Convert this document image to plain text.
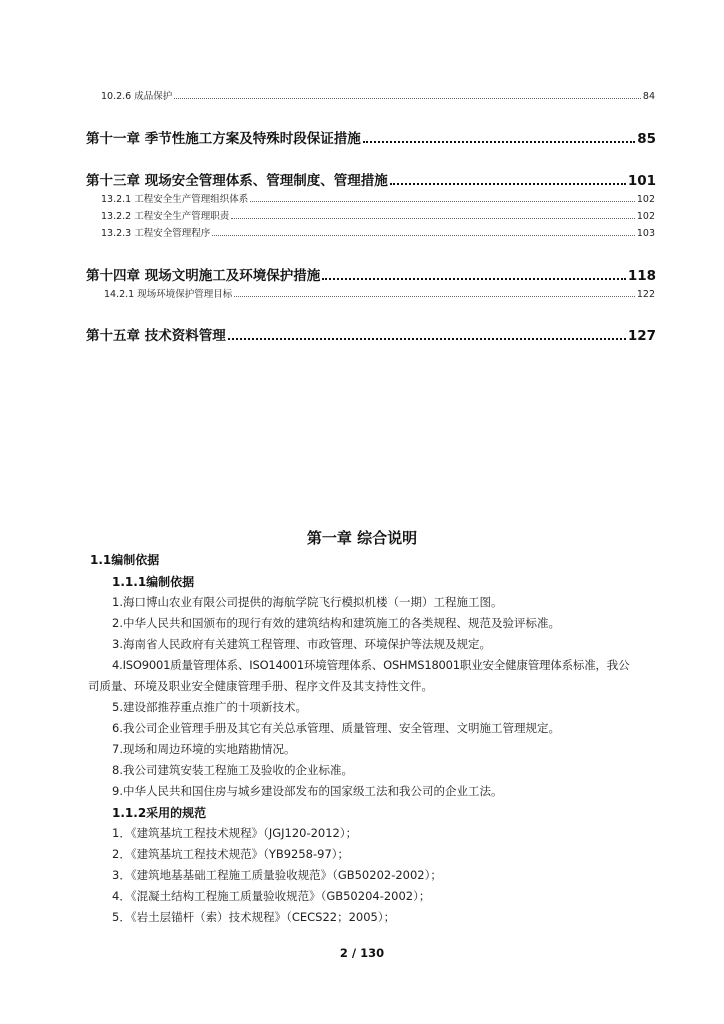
10.2.6 成品保护	84
第十一章 季节性施工方案及特殊时段保证措施	85
第十三章 现场安全管理体系、管理制度、管理措施	101
13.2.1 工程安全生产管理组织体系	102
13.2.2 工程安全生产管理职责	102
13.2.3 工程安全管理程序	103
第十四章 现场文明施工及环境保护措施	118
14.2.1 现场环境保护管理目标	122
第十五章 技术资料管理	127
第一章 综合说明
1.1编制依据
1.1.1编制依据
1.海口博山农业有限公司提供的海航学院飞行模拟机楼（一期）工程施工图。
2.中华人民共和国颁布的现行有效的建筑结构和建筑施工的各类规程、规范及验评标准。
3.海南省人民政府有关建筑工程管理、市政管理、环境保护等法规及规定。
4.ISO9001质量管理体系、ISO14001环境管理体系、OSHMS18001职业安全健康管理体系标准，我公
司质量、环境及职业安全健康管理手册、程序文件及其支持性文件。
5.建设部推荐重点推广的十项新技术。
6.我公司企业管理手册及其它有关总承管理、质量管理、安全管理、文明施工管理规定。
7.现场和周边环境的实地踏勘情况。
8.我公司建筑安装工程施工及验收的企业标准。
9.中华人民共和国住房与城乡建设部发布的国家级工法和我公司的企业工法。
1.1.2采用的规范
1．《建筑基坑工程技术规程》（JGJ120-2012）；
2．《建筑基坑工程技术规范》（YB9258-97）；
3．《建筑地基基础工程施工质量验收规范》（GB50202-2002）；
4．《混凝土结构工程施工质量验收规范》（GB50204-2002）；
5．《岩土层锚杆（索）技术规程》（CECS22；2005）；
2 / 130
